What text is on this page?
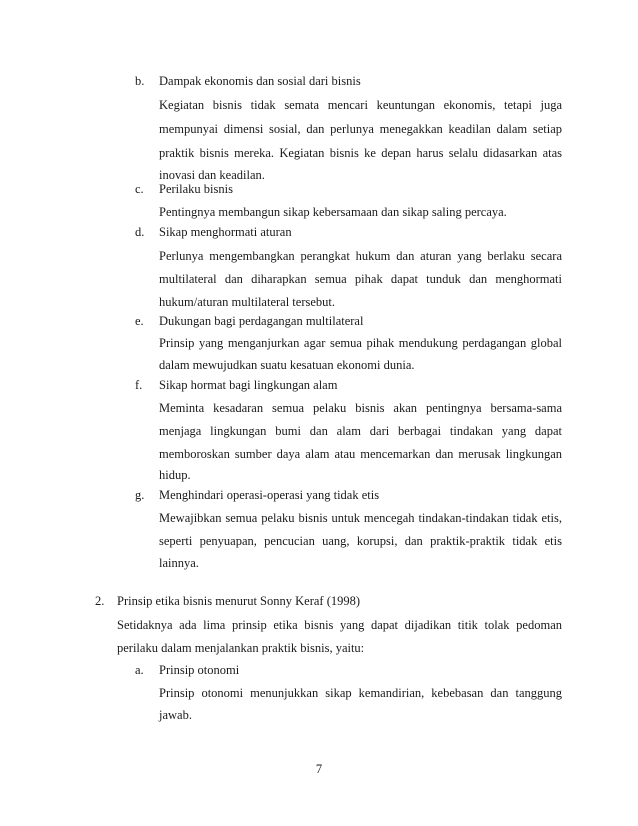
b. Dampak ekonomis dan sosial dari bisnis
Kegiatan bisnis tidak semata mencari keuntungan ekonomis, tetapi juga
mempunyai dimensi sosial, dan perlunya menegakkan keadilan dalam setiap
praktik bisnis mereka. Kegiatan bisnis ke depan harus selalu didasarkan atas
inovasi dan keadilan.
c. Perilaku bisnis
Pentingnya membangun sikap kebersamaan dan sikap saling percaya.
d. Sikap menghormati aturan
Perlunya mengembangkan perangkat hukum dan aturan yang berlaku secara
multilateral dan diharapkan semua pihak dapat tunduk dan menghormati
hukum/aturan multilateral tersebut.
e. Dukungan bagi perdagangan multilateral
Prinsip yang menganjurkan agar semua pihak mendukung perdagangan global
dalam mewujudkan suatu kesatuan ekonomi dunia.
f. Sikap hormat bagi lingkungan alam
Meminta kesadaran semua pelaku bisnis akan pentingnya bersama-sama
menjaga lingkungan bumi dan alam dari berbagai tindakan yang dapat
memboroskan sumber daya alam atau mencemarkan dan merusak lingkungan
hidup.
g. Menghindari operasi-operasi yang tidak etis
Mewajibkan semua pelaku bisnis untuk mencegah tindakan-tindakan tidak etis,
seperti penyuapan, pencucian uang, korupsi, dan praktik-praktik tidak etis
lainnya.
2. Prinsip etika bisnis menurut Sonny Keraf (1998)
Setidaknya ada lima prinsip etika bisnis yang dapat dijadikan titik tolak pedoman
perilaku dalam menjalankan praktik bisnis, yaitu:
a. Prinsip otonomi
Prinsip otonomi menunjukkan sikap kemandirian, kebebasan dan tanggung
jawab.
7
